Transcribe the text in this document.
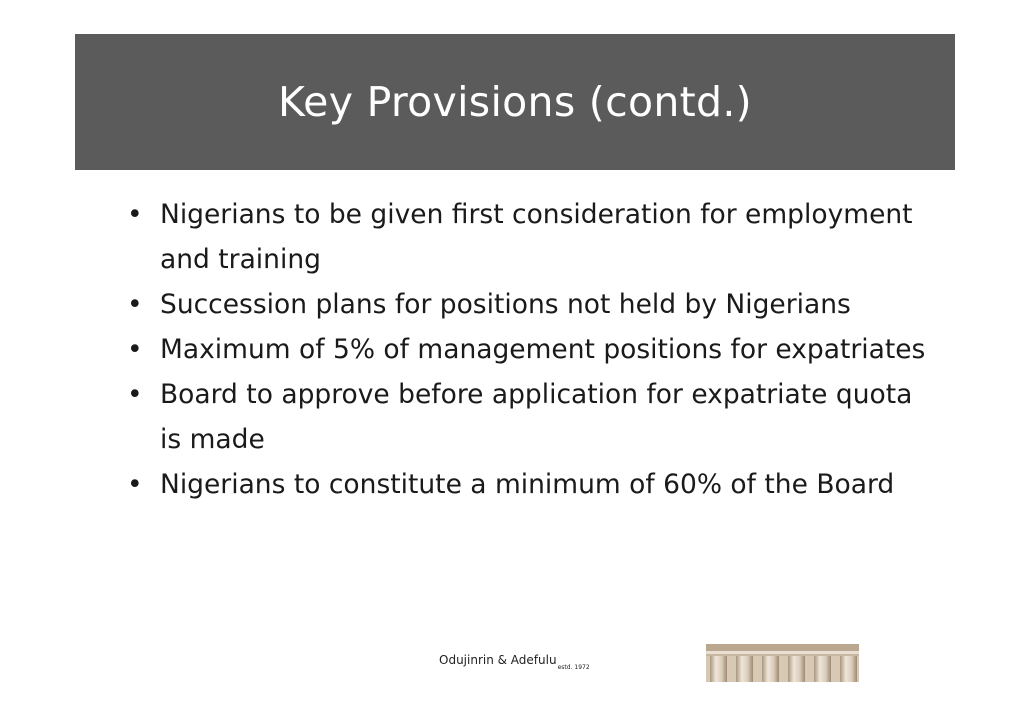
Key Provisions (contd.)
• Nigerians to be given first consideration for employment and training
• Succession plans for positions not held by Nigerians
• Maximum of 5% of management positions for expatriates
• Board to approve before application for expatriate quota is made
• Nigerians to constitute a minimum of 60% of the Board
Odujinrin & Adefulu$_{estd. 1972}$
